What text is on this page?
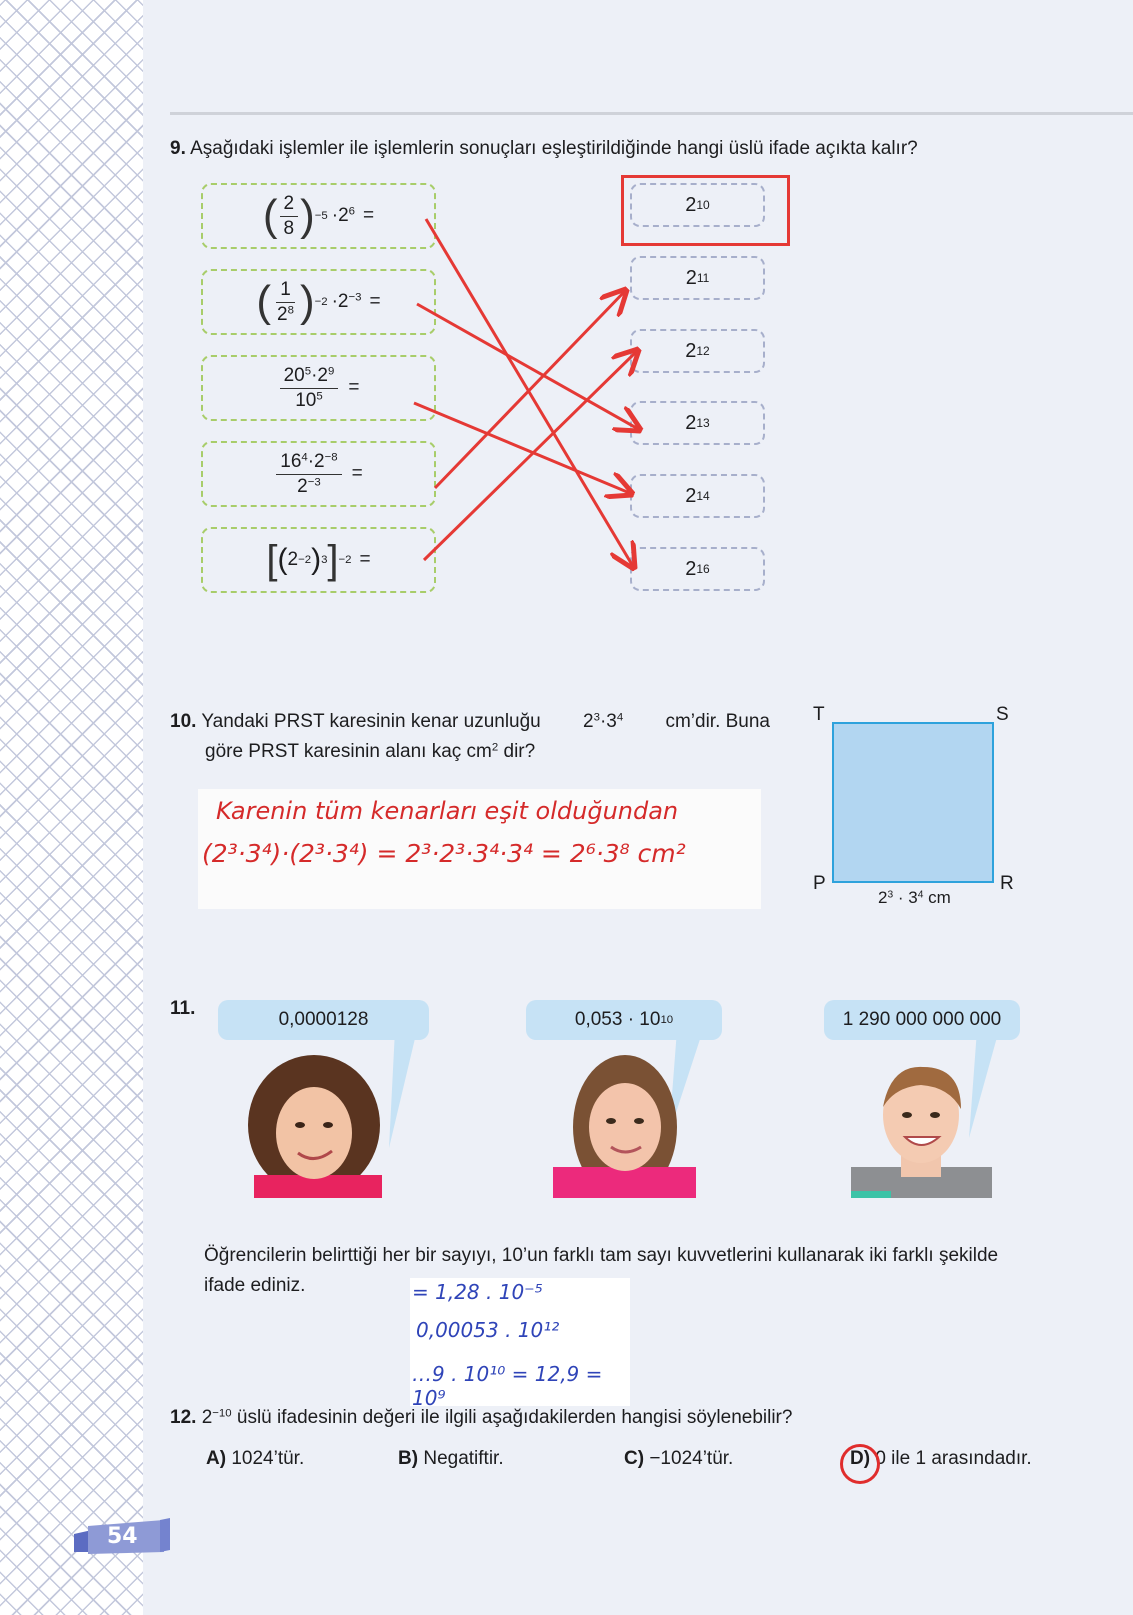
9. Aşağıdaki işlemler ile işlemlerin sonuçları eşleştirildiğinde hangi üslü ifade açıkta kalır?
( $\frac{2}{8}$ ) $-5 \cdot 2^6$ =
( $\frac{1}{2^8}$ ) $-2 \cdot 2^{-3}$ =
$\frac{20^5\cdot 2^9}{10^5}$ =
$\frac{16^4\cdot 2^{-8}}{2^{-3}}$ =
[ ( 2 −2 ) 3 ] −2 =
2 10
2 11
2 12
2 13
2 14
2 16
10. Yandaki PRST karesinin kenar uzunluğu $2^3\cdot 3^4$ cm’dir. Buna
göre PRST karesinin alanı kaç $cm^2$ dir?
Karenin tüm kenarları eşit olduğundan
(2³·3⁴)·(2³·3⁴) = 2³·2³·3⁴·3⁴ = 2⁶·3⁸ cm²
T	S
P	R
$2^3 \cdot 3^4$ cm
11.
0,0000128	0,053 · 10 10	1 290 000 000 000
Öğrencilerin belirttiği her bir sayıyı, 10’un farklı tam sayı kuvvetlerini kullanarak iki farklı şekilde
ifade ediniz.	= 1,28 . 10⁻⁵
0,00053 . 10¹²
…9 . 10¹⁰ = 12,9 = 10⁹
12. $2^{-10}$ üslü ifadesinin değeri ile ilgili aşağıdakilerden hangisi söylenebilir?
A) 1024’tür.	B) Negatiftir.	C) −1024’tür.	D) 0 ile 1 arasındadır.
54
